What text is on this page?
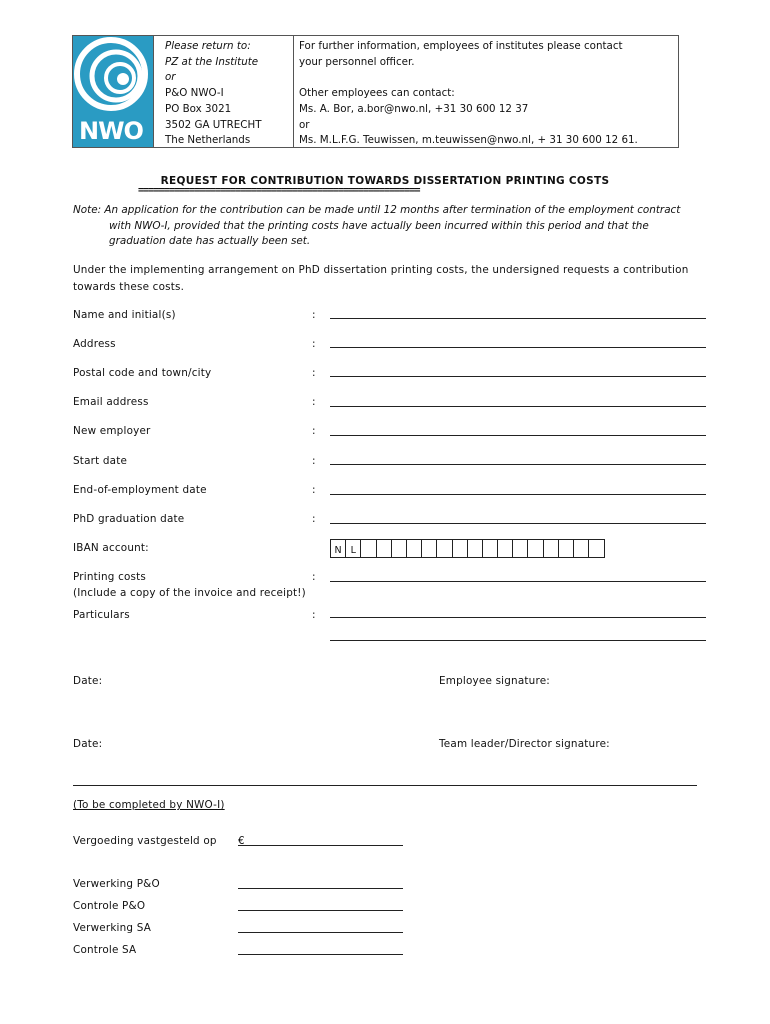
NWO
Please return to:
PZ at the Institute
or
P&O NWO-I
PO Box 3021
3502 GA UTRECHT
The Netherlands
For further information, employees of institutes please contact
your personnel officer.
Other employees can contact:
Ms. A. Bor, a.bor@nwo.nl, +31 30 600 12 37
or
Ms. M.L.F.G. Teuwissen, m.teuwissen@nwo.nl, + 31 30 600 12 61.
REQUEST FOR CONTRIBUTION TOWARDS DISSERTATION PRINTING COSTS
=======================================================
Note: An application for the contribution can be made until 12 months after termination of the employment contract
with NWO-I, provided that the printing costs have actually been incurred within this period and that the
graduation date has actually been set.
Under the implementing arrangement on PhD dissertation printing costs, the undersigned requests a contribution towards these costs.
Name and initial(s)	:
Address	:
Postal code and town/city	:
Email address	:
New employer	:
Start date	:
End-of-employment date	:
PhD graduation date	:
IBAN account:	N L
Printing costs
(Include a copy of the invoice and receipt!)
:
Particulars	:
Date:	Employee signature:
Date:	Team leader/Director signature:
(To be completed by NWO-I)
Vergoeding vastgesteld op €
Verwerking P&O
Controle P&O
Verwerking SA
Controle SA
